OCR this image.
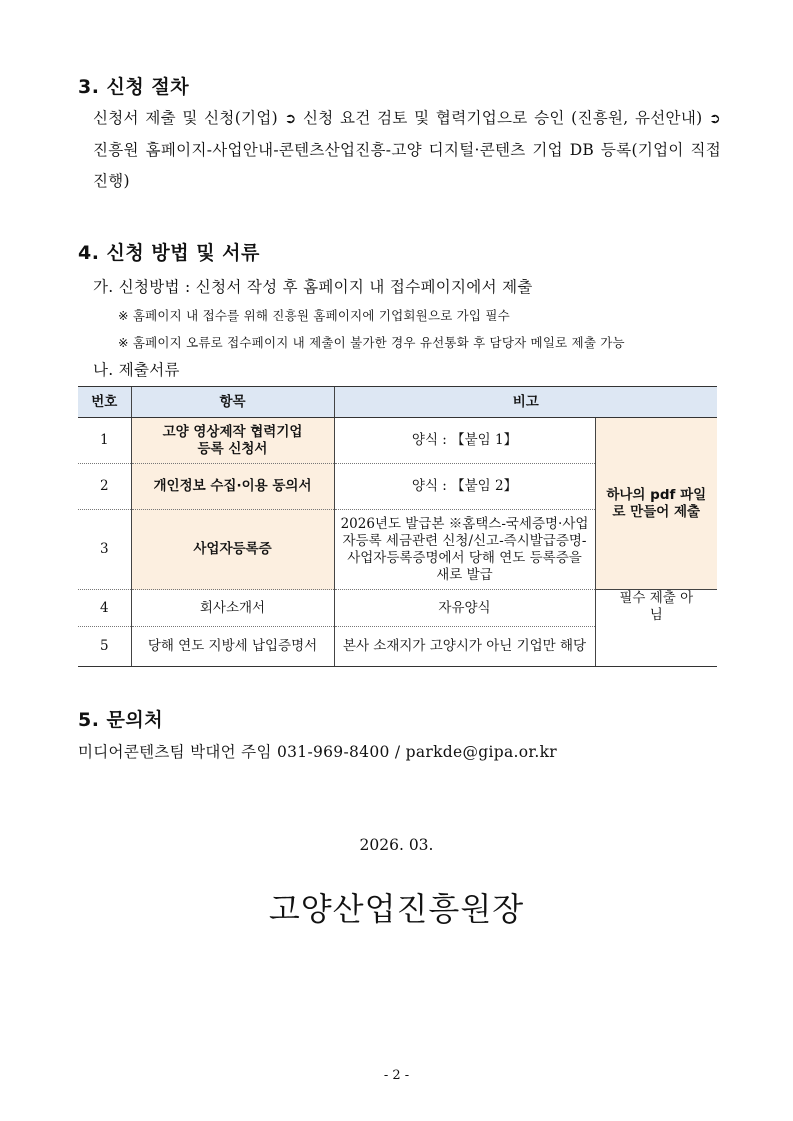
3. 신청 절차
신청서 제출 및 신청(기업) ➲ 신청 요건 검토 및 협력기업으로 승인 (진흥원, 유선안내) ➲ 진흥원 홈페이지-사업안내-콘텐츠산업진흥-고양 디지털·콘텐츠 기업 DB 등록(기업이 직접 진행)
4. 신청 방법 및 서류
가. 신청방법 : 신청서 작성 후 홈페이지 내 접수페이지에서 제출
※ 홈페이지 내 접수를 위해 진흥원 홈페이지에 기업회원으로 가입 필수
※ 홈페이지 오류로 접수페이지 내 제출이 불가한 경우 유선통화 후 담당자 메일로 제출 가능
나. 제출서류
번호	항목	비고	
1	고양 영상제작 협력기업 등록 신청서	양식 : 【붙임 1】	하나의 pdf 파일로 만들어 제출
2	개인정보 수집·이용 동의서	양식 : 【붙임 2】	
3	사업자등록증	2026년도 발급본 ※홈택스-국세증명·사업자등록 세금관련 신청/신고-즉시발급증명-사업자등록증명에서 당해 연도 등록증을 새로 발급	
4	회사소개서	자유양식	필수 제출 아님
5	당해 연도 지방세 납입증명서	본사 소재지가 고양시가 아닌 기업만 해당	
5. 문의처
미디어콘텐츠팀 박대언 주임 031-969-8400 / parkde@gipa.or.kr
2026. 03.
고양산업진흥원장
- 2 -
